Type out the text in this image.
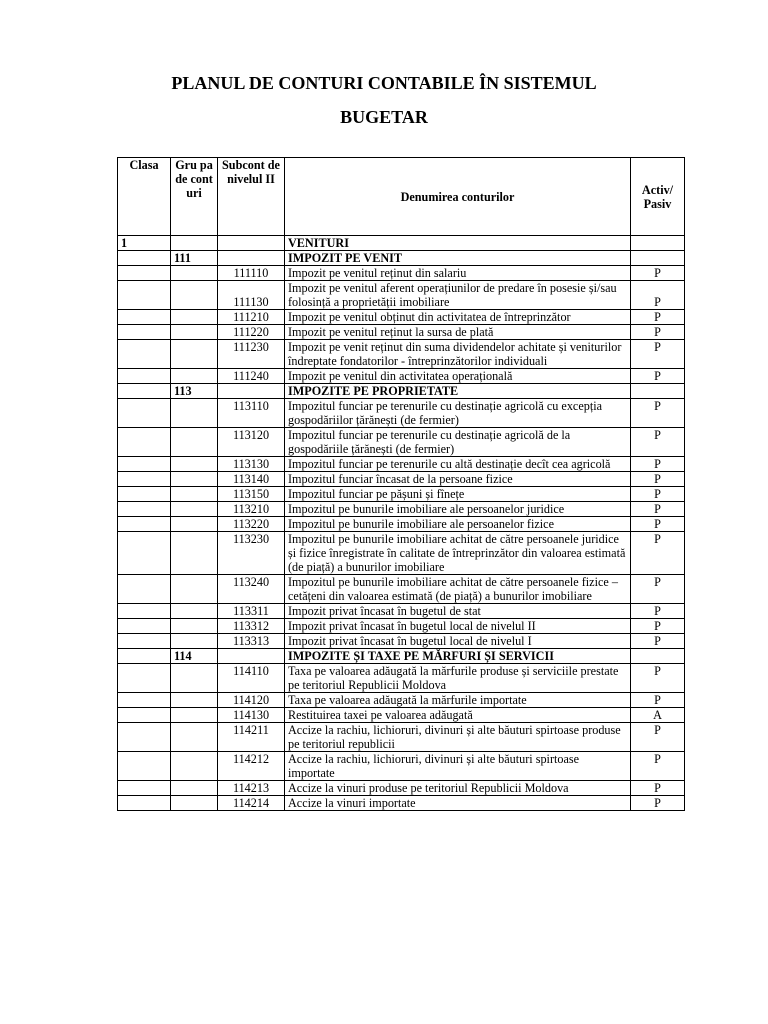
PLANUL DE CONTURI CONTABILE ÎN SISTEMUL
BUGETAR
Clasa	Gru pa de cont uri	Subcont de nivelul II	Denumirea conturilor	Activ/ Pasiv
1			VENITURI	
	111		IMPOZIT PE VENIT	
		111110	Impozit pe venitul reținut din salariu	P
		111130	Impozit pe venitul aferent operațiunilor de predare în posesie și/sau folosință a proprietății imobiliare	P
		111210	Impozit pe venitul obținut din activitatea de întreprinzător	P
		111220	Impozit pe venitul reținut la sursa de plată	P
		111230	Impozit pe venit reținut din suma dividendelor achitate și veniturilor îndreptate fondatorilor - întreprinzătorilor individuali	P
		111240	Impozit pe venitul din activitatea operațională	P
	113		IMPOZITE PE PROPRIETATE	
		113110	Impozitul funciar pe terenurile cu destinație agricolă cu excepția gospodăriilor țărănești (de fermier)	P
		113120	Impozitul funciar pe terenurile cu destinație agricolă de la gospodăriile țărănești (de fermier)	P
		113130	Impozitul funciar pe terenurile cu altă destinație decît cea agricolă	P
		113140	Impozitul funciar încasat de la persoane fizice	P
		113150	Impozitul funciar pe pășuni și fînețe	P
		113210	Impozitul pe bunurile imobiliare ale persoanelor juridice	P
		113220	Impozitul pe bunurile imobiliare ale persoanelor fizice	P
		113230	Impozitul pe bunurile imobiliare achitat de către persoanele juridice și fizice înregistrate în calitate de întreprinzător din valoarea estimată (de piață) a bunurilor imobiliare	P
		113240	Impozitul pe bunurile imobiliare achitat de către persoanele fizice – cetățeni din valoarea estimată (de piață) a bunurilor imobiliare	P
		113311	Impozit privat încasat în bugetul de stat	P
		113312	Impozit privat încasat în bugetul local de nivelul II	P
		113313	Impozit privat încasat în bugetul local de nivelul I	P
	114		IMPOZITE ȘI TAXE PE MĂRFURI ȘI SERVICII	
		114110	Taxa pe valoarea adăugată la mărfurile produse și serviciile prestate pe teritoriul Republicii Moldova	P
		114120	Taxa pe valoarea adăugată la mărfurile importate	P
		114130	Restituirea taxei pe valoarea adăugată	A
		114211	Accize la rachiu, lichioruri, divinuri și alte băuturi spirtoase produse pe teritoriul republicii	P
		114212	Accize la rachiu, lichioruri, divinuri și alte băuturi spirtoase importate	P
		114213	Accize la vinuri produse pe teritoriul Republicii Moldova	P
		114214	Accize la vinuri importate	P
